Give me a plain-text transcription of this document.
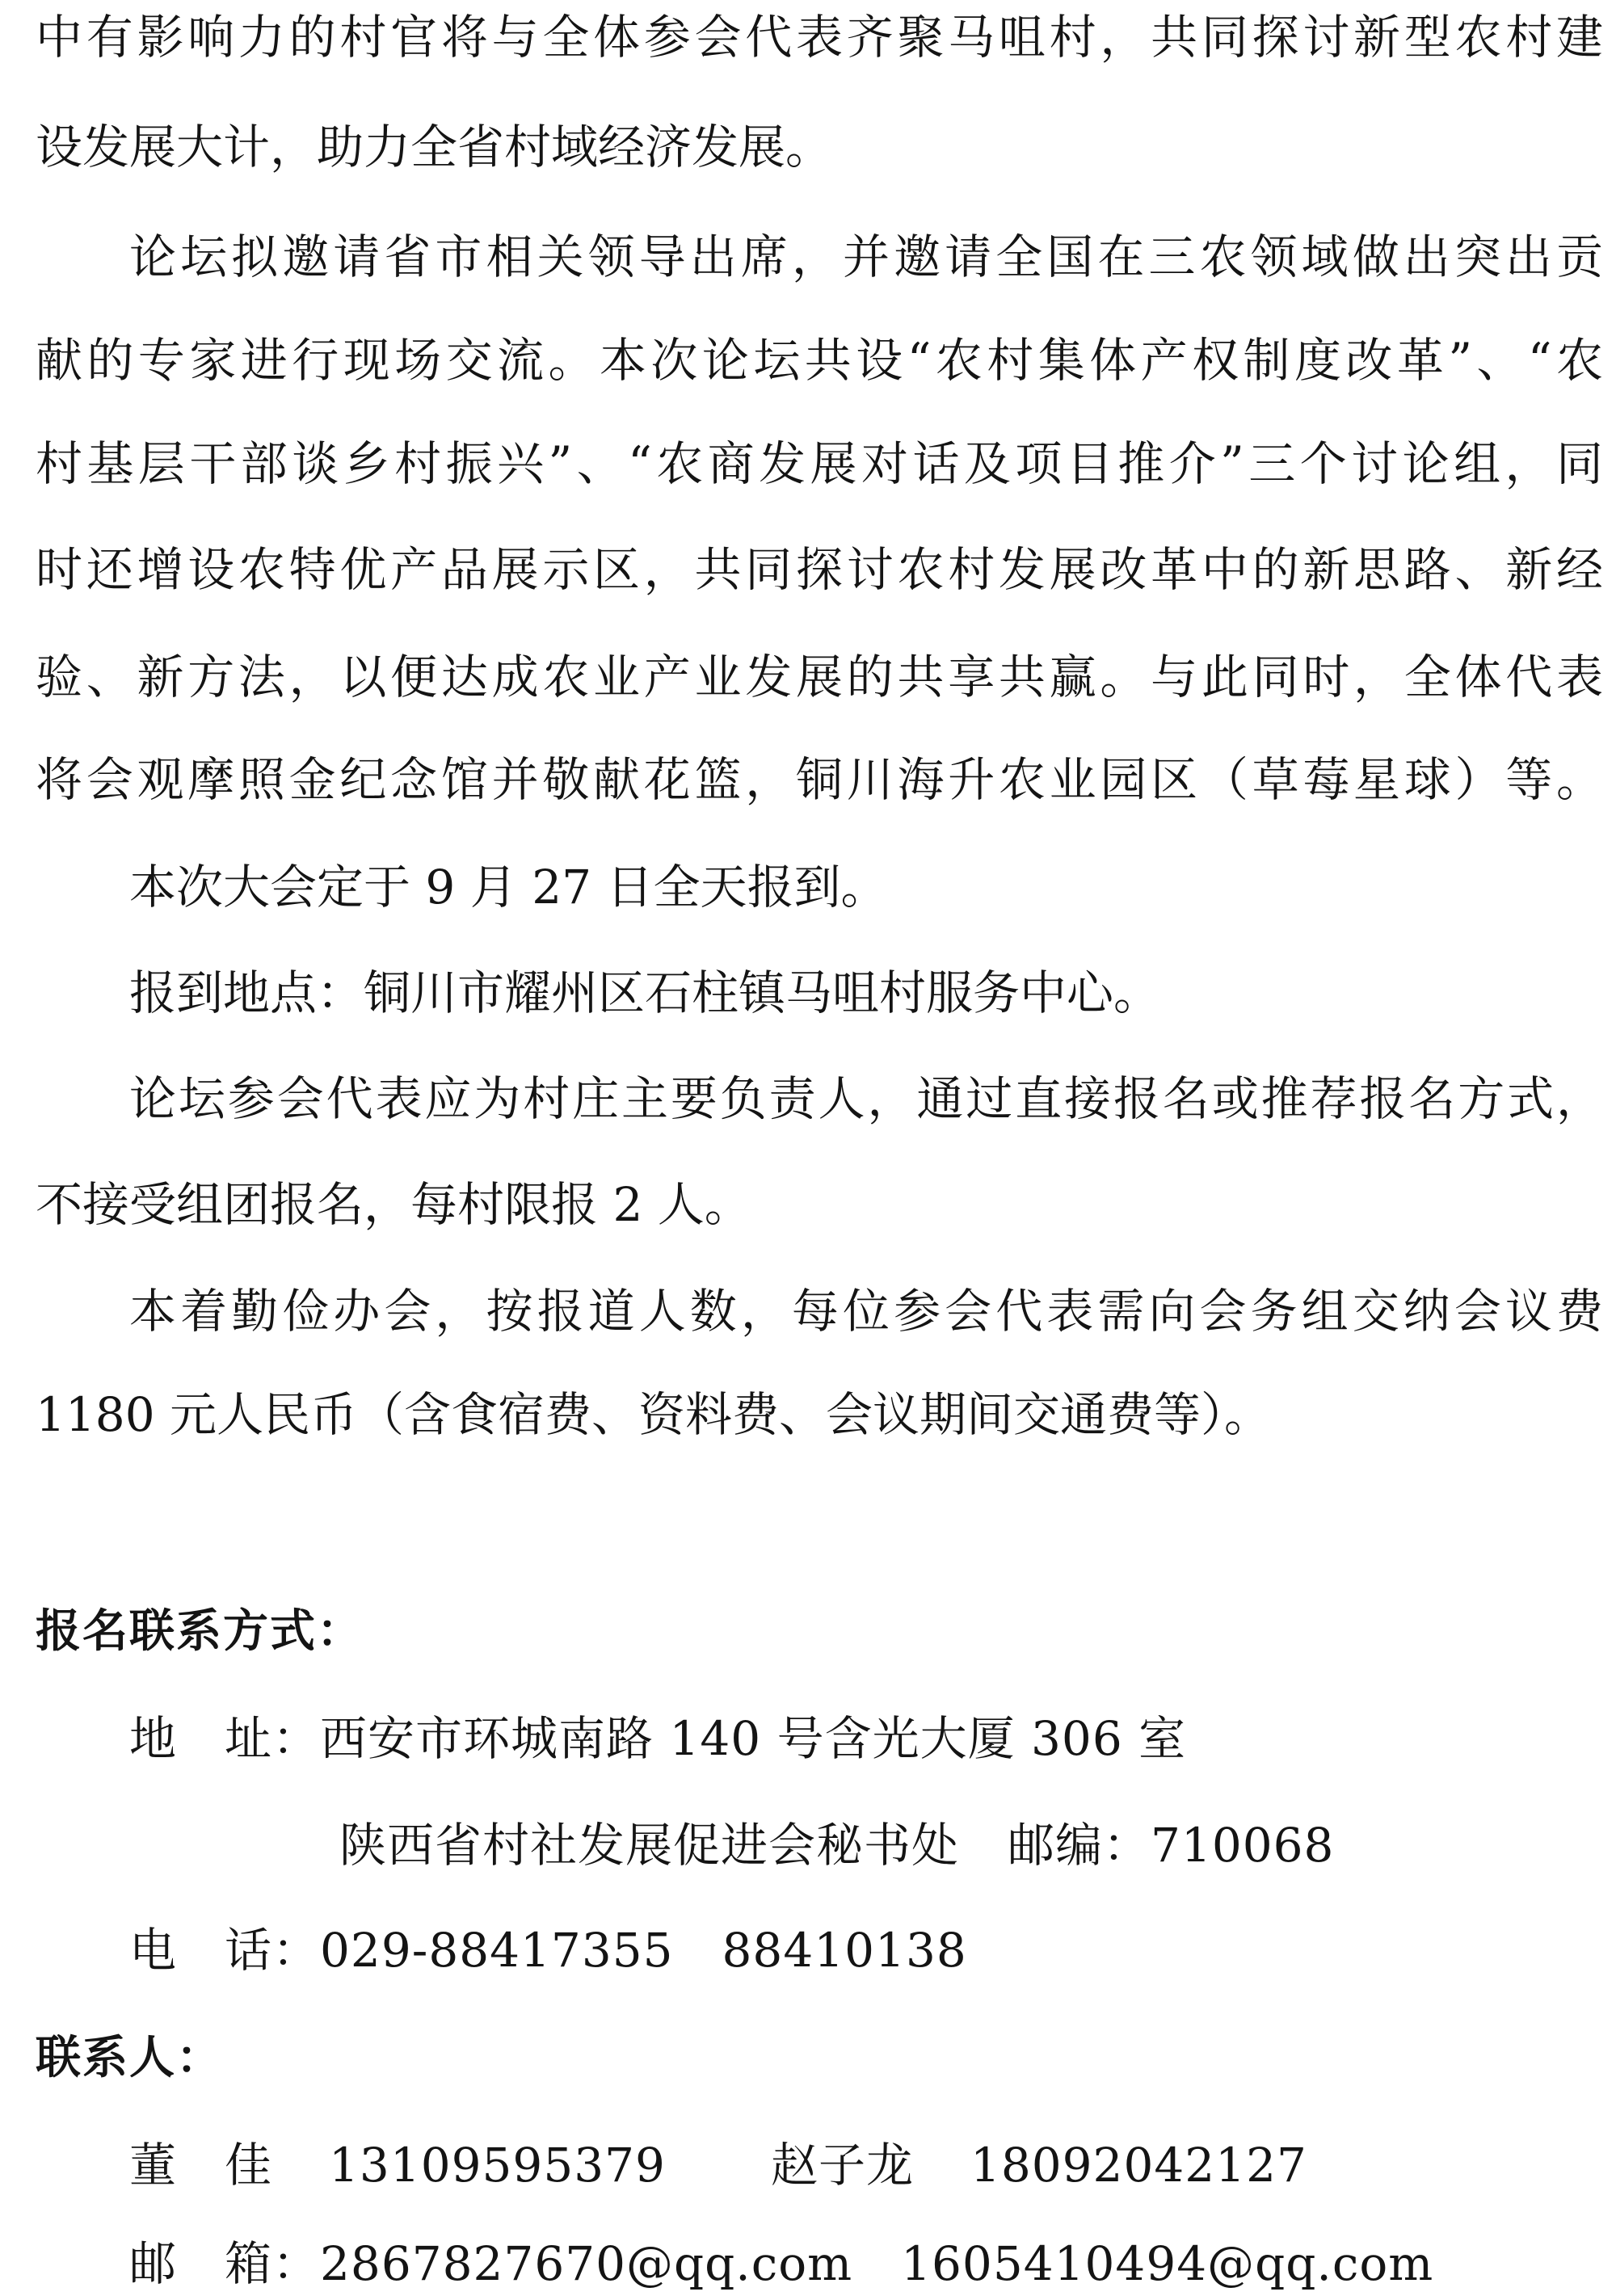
中有影响力的村官将与全体参会代表齐聚马咀村，共同探讨新型农村建
设发展大计，助力全省村域经济发展。
论坛拟邀请省市相关领导出席，并邀请全国在三农领域做出突出贡
献的专家进行现场交流。本次论坛共设“农村集体产权制度改革”、“农
村基层干部谈乡村振兴”、“农商发展对话及项目推介”三个讨论组，同
时还增设农特优产品展示区，共同探讨农村发展改革中的新思路、新经
验、新方法，以便达成农业产业发展的共享共赢。与此同时，全体代表
将会观摩照金纪念馆并敬献花篮，铜川海升农业园区（草莓星球）等。
本次大会定于 9 月 27 日全天报到。
报到地点：铜川市耀州区石柱镇马咀村服务中心。
论坛参会代表应为村庄主要负责人，通过直接报名或推荐报名方式，
不接受组团报名，每村限报 2 人。
本着勤俭办会，按报道人数，每位参会代表需向会务组交纳会议费
1180 元人民币（含食宿费、资料费、会议期间交通费等）。
报名联系方式：
地　址：西安市环城南路 140 号含光大厦 306 室
陕西省村社发展促进会秘书处 邮编：710068
电　话：029-88417355 88410138
联系人：
董　佳 13109595379 赵子龙 18092042127
邮　箱：2867827670@qq.com 1605410494@qq.com
